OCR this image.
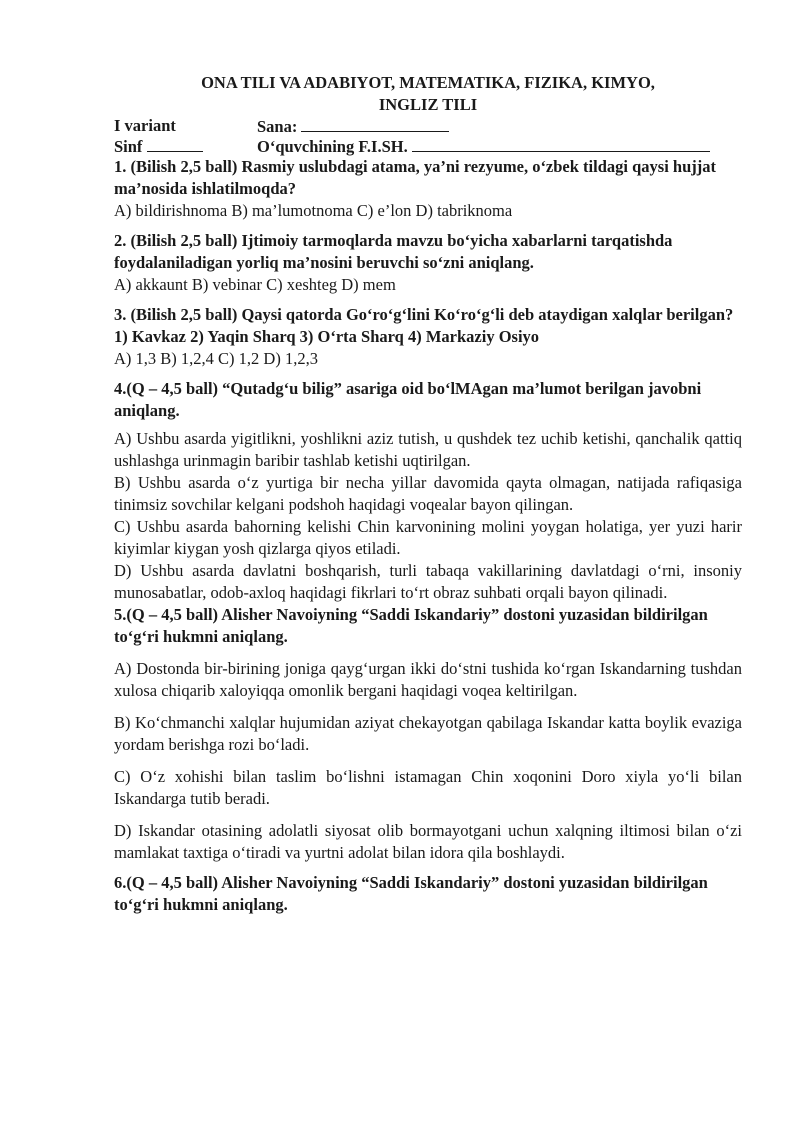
ONA TILI VA ADABIYOT, MATEMATIKA, FIZIKA, KIMYO,
INGLIZ TILI
I variant	Sana:
Sinf	O‘quvchining F.I.SH.
1. (Bilish 2,5 ball) Rasmiy uslubdagi atama, ya’ni rezyume, o‘zbek tildagi qaysi hujjat ma’nosida ishlatilmoqda?
A) bildirishnoma B) ma’lumotnoma C) e’lon D) tabriknoma
2. (Bilish 2,5 ball) Ijtimoiy tarmoqlarda mavzu bo‘yicha xabarlarni tarqatishda foydalaniladigan yorliq ma’nosini beruvchi so‘zni aniqlang.
A) akkaunt B) vebinar C) xeshteg D) mem
3. (Bilish 2,5 ball) Qaysi qatorda Go‘ro‘g‘lini Ko‘ro‘g‘li deb ataydigan xalqlar berilgan?
1) Kavkaz 2) Yaqin Sharq 3) O‘rta Sharq 4) Markaziy Osiyo
A) 1,3 B) 1,2,4 C) 1,2 D) 1,2,3
4.(Q – 4,5 ball) “Qutadg‘u bilig” asariga oid bo‘lMAgan ma’lumot berilgan javobni aniqlang.
A) Ushbu asarda yigitlikni, yoshlikni aziz tutish, u qushdek tez uchib ketishi, qanchalik qattiq ushlashga urinmagin baribir tashlab ketishi uqtirilgan.
B) Ushbu asarda o‘z yurtiga bir necha yillar davomida qayta olmagan, natijada rafiqasiga tinimsiz sovchilar kelgani podshoh haqidagi voqealar bayon qilingan.
C) Ushbu asarda bahorning kelishi Chin karvonining molini yoygan holatiga, yer yuzi harir kiyimlar kiygan yosh qizlarga qiyos etiladi.
D) Ushbu asarda davlatni boshqarish, turli tabaqa vakillarining davlatdagi o‘rni, insoniy munosabatlar, odob-axloq haqidagi fikrlari to‘rt obraz suhbati orqali bayon qilinadi.
5.(Q – 4,5 ball) Alisher Navoiyning “Saddi Iskandariy” dostoni yuzasidan bildirilgan to‘g‘ri hukmni aniqlang.
A) Dostonda bir-birining joniga qayg‘urgan ikki do‘stni tushida ko‘rgan Iskandarning tushdan xulosa chiqarib xaloyiqqa omonlik bergani haqidagi voqea keltirilgan.
B) Ko‘chmanchi xalqlar hujumidan aziyat chekayotgan qabilaga Iskandar katta boylik evaziga yordam berishga rozi bo‘ladi.
C) O‘z xohishi bilan taslim bo‘lishni istamagan Chin xoqonini Doro xiyla yo‘li bilan Iskandarga tutib beradi.
D) Iskandar otasining adolatli siyosat olib bormayotgani uchun xalqning iltimosi bilan o‘zi mamlakat taxtiga o‘tiradi va yurtni adolat bilan idora qila boshlaydi.
6.(Q – 4,5 ball) Alisher Navoiyning “Saddi Iskandariy” dostoni yuzasidan bildirilgan to‘g‘ri hukmni aniqlang.
